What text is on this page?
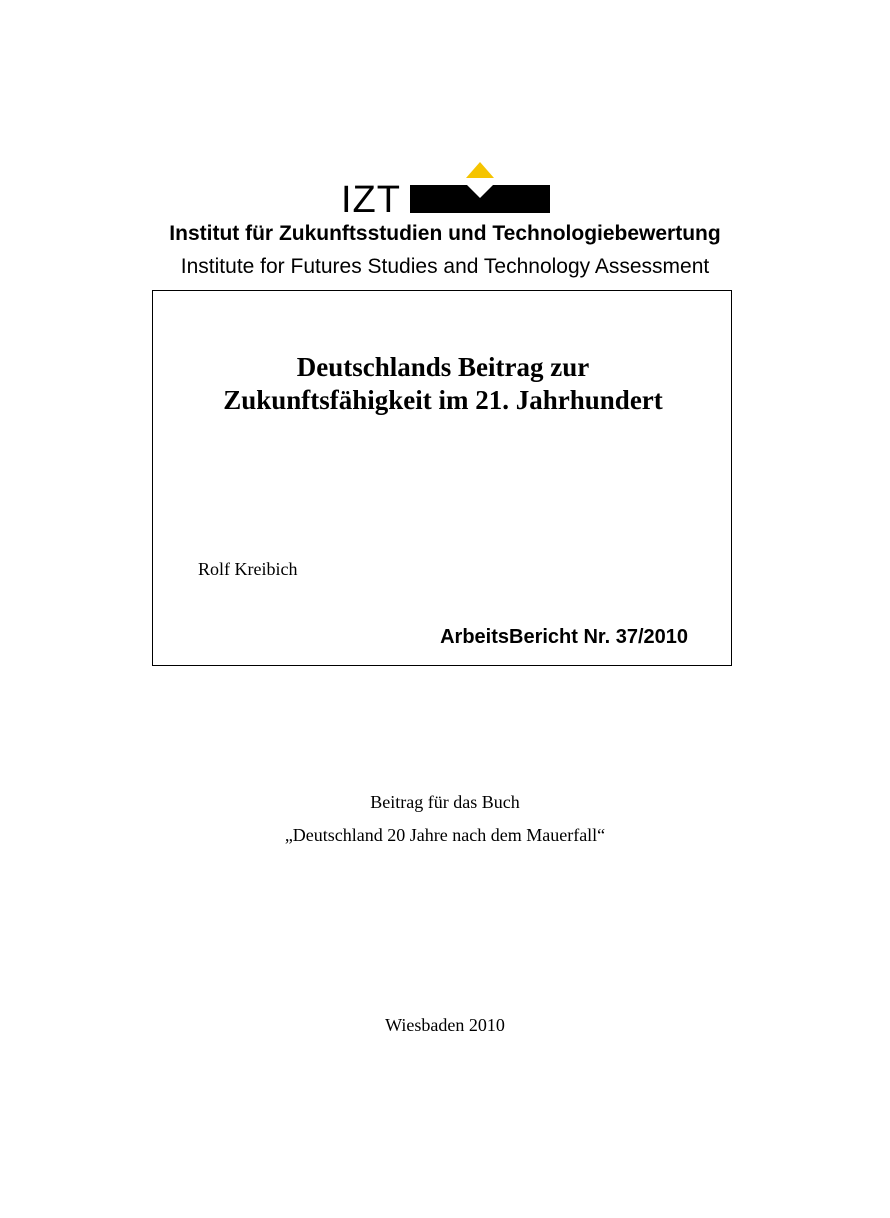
IZT
Institut für Zukunftsstudien und Technologiebewertung
Institute for Futures Studies and Technology Assessment
Deutschlands Beitrag zur
Zukunftsfähigkeit im 21. Jahrhundert
Rolf Kreibich
ArbeitsBericht Nr. 37/2010
Beitrag für das Buch
„Deutschland 20 Jahre nach dem Mauerfall“
Wiesbaden 2010
